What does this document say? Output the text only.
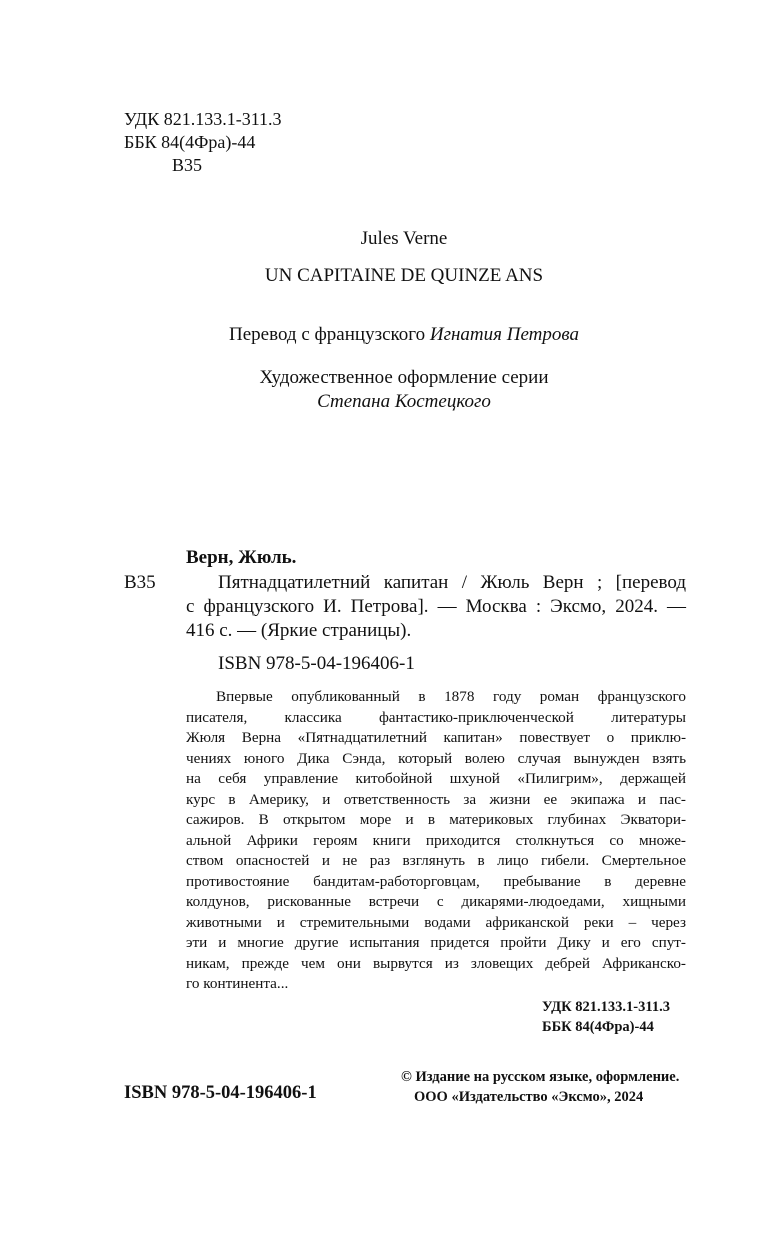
УДК 821.133.1-311.3
ББК 84(4Фра)-44
В35
Jules Verne
UN CAPITAINE DE QUINZE ANS
Перевод с французского Игнатия Петрова
Художественное оформление серии
Степана Костецкого
Верн, Жюль.
В35	Пятнадцатилетний капитан / Жюль Верн ; [перевод
с французского И. Петрова]. — Москва : Эксмо, 2024. —
416 с. — (Яркие страницы).
ISBN 978-5-04-196406-1
Впервые опубликованный в 1878 году роман французского
писателя, классика фантастико-приключенческой литературы
Жюля Верна «Пятнадцатилетний капитан» повествует о приклю-
чениях юного Дика Сэнда, который волею случая вынужден взять
на себя управление китобойной шхуной «Пилигрим», держащей
курс в Америку, и ответственность за жизни ее экипажа и пас-
сажиров. В открытом море и в материковых глубинах Экватори-
альной Африки героям книги приходится столкнуться со множе-
ством опасностей и не раз взглянуть в лицо гибели. Смертельное
противостояние бандитам-работорговцам, пребывание в деревне
колдунов, рискованные встречи с дикарями-людоедами, хищными
животными и стремительными водами африканской реки – через
эти и многие другие испытания придется пройти Дику и его спут-
никам, прежде чем они вырвутся из зловещих дебрей Африканско-
го континента...
УДК 821.133.1-311.3
ББК 84(4Фра)-44
ISBN 978-5-04-196406-1
© Издание на русском языке, оформление.
ООО «Издательство «Эксмо», 2024
